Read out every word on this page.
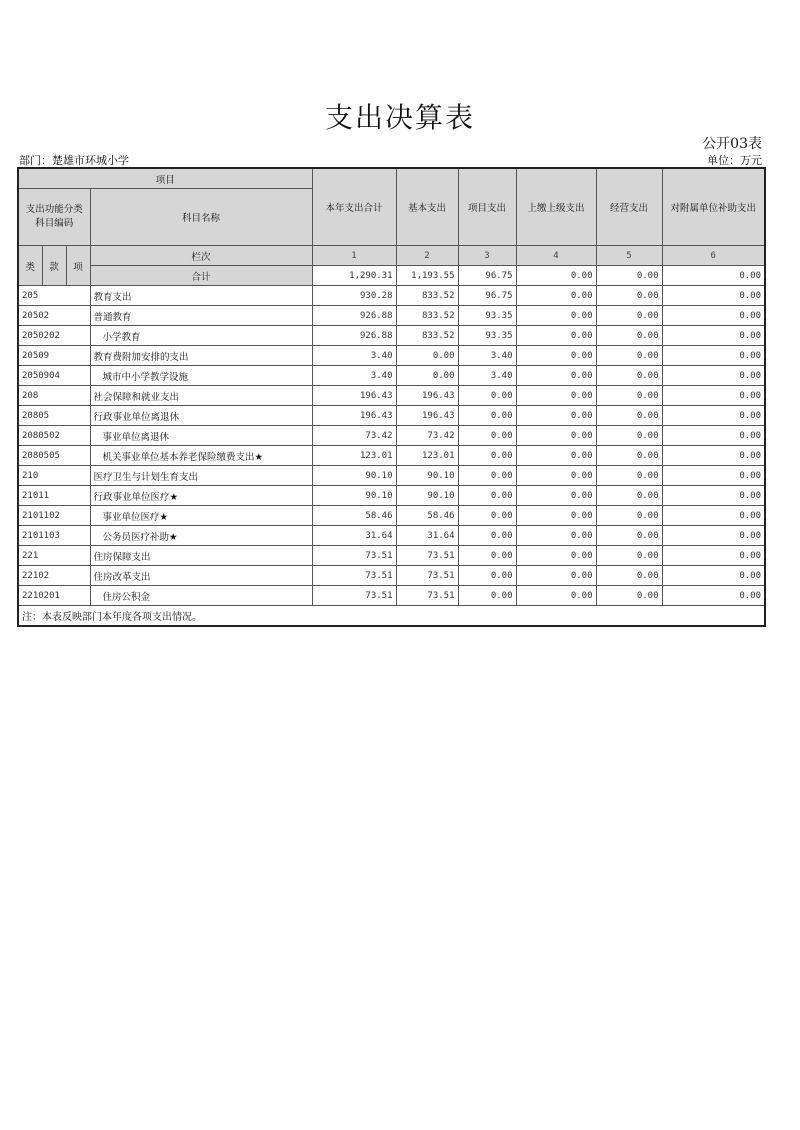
支出决算表
公开03表
部门：楚雄市环城小学	单位：万元
项目				本年支出合计	基本支出	项目支出	上缴上级支出	经营支出	对附属单位补助支出
支出功能分类科目编码			科目名称						

类	款	项	栏次	1	2	3	4	5	6
			合计	1,290.31	1,193.55	96.75	0.00	0.00	0.00
205			教育支出	930.28	833.52	96.75	0.00	0.00	0.00
20502			普通教育	926.88	833.52	93.35	0.00	0.00	0.00
2050202			小学教育	926.88	833.52	93.35	0.00	0.00	0.00
20509			教育费附加安排的支出	3.40	0.00	3.40	0.00	0.00	0.00
2050904			城市中小学教学设施	3.40	0.00	3.40	0.00	0.00	0.00
208			社会保障和就业支出	196.43	196.43	0.00	0.00	0.00	0.00
20805			行政事业单位离退休	196.43	196.43	0.00	0.00	0.00	0.00
2080502			事业单位离退休	73.42	73.42	0.00	0.00	0.00	0.00
2080505			机关事业单位基本养老保险缴费支出★	123.01	123.01	0.00	0.00	0.00	0.00
210			医疗卫生与计划生育支出	90.10	90.10	0.00	0.00	0.00	0.00
21011			行政事业单位医疗★	90.10	90.10	0.00	0.00	0.00	0.00
2101102			事业单位医疗★	58.46	58.46	0.00	0.00	0.00	0.00
2101103			公务员医疗补助★	31.64	31.64	0.00	0.00	0.00	0.00
221			住房保障支出	73.51	73.51	0.00	0.00	0.00	0.00
22102			住房改革支出	73.51	73.51	0.00	0.00	0.00	0.00
2210201			住房公积金	73.51	73.51	0.00	0.00	0.00	0.00
注：本表反映部门本年度各项支出情况。									
